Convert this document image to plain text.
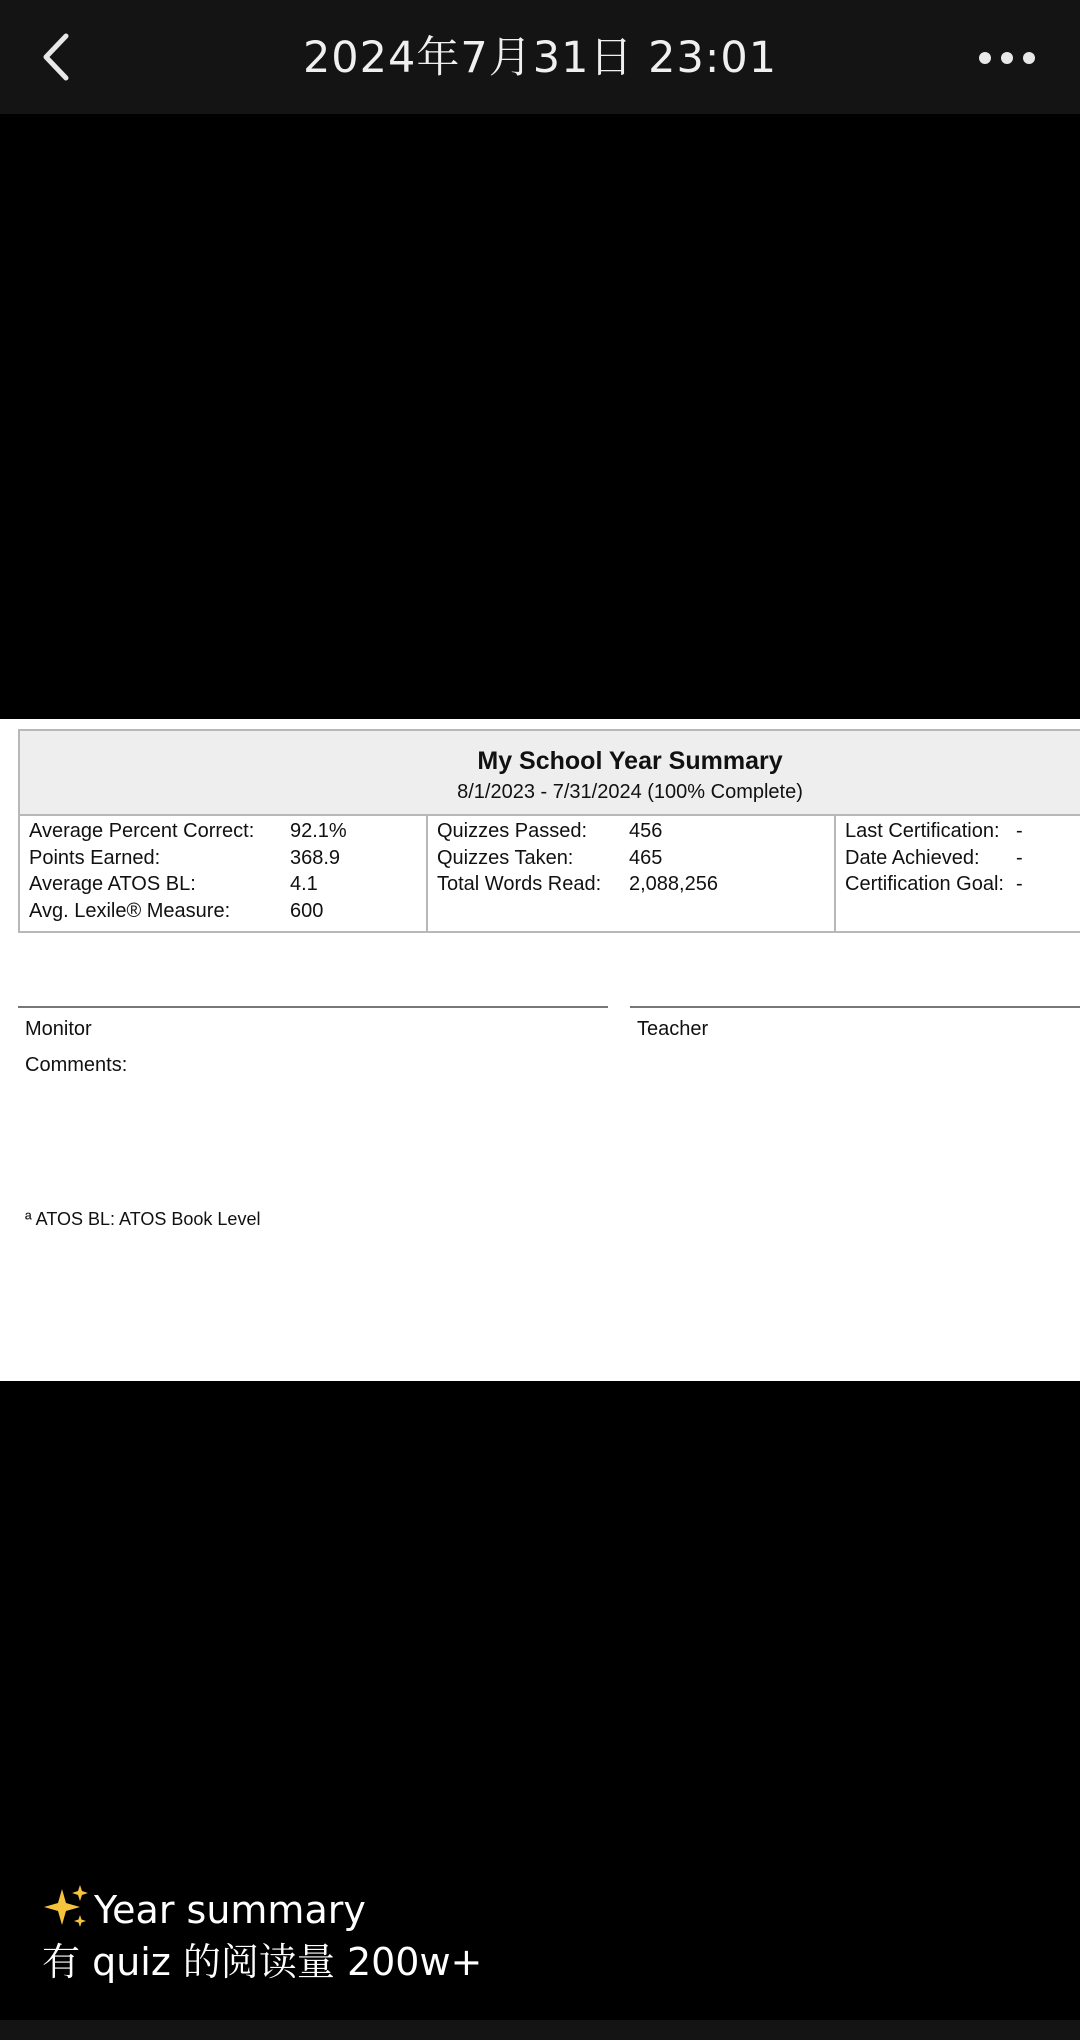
2024年7月31日 23:01
My School Year Summary
8/1/2023 - 7/31/2024 (100% Complete)
Average Percent Correct: 92.1%
Points Earned:	368.9
Average ATOS BL:	4.1
Avg. Lexile® Measure:	600
Quizzes Passed: 456
Quizzes Taken:	465
Total Words Read: 2,088,256
Last Certification: -
Date Achieved: -
Certification Goal: -
Monitor	Teacher
Comments:
ª ATOS BL: ATOS Book Level
Year summary
有 quiz 的阅读量 200w+
